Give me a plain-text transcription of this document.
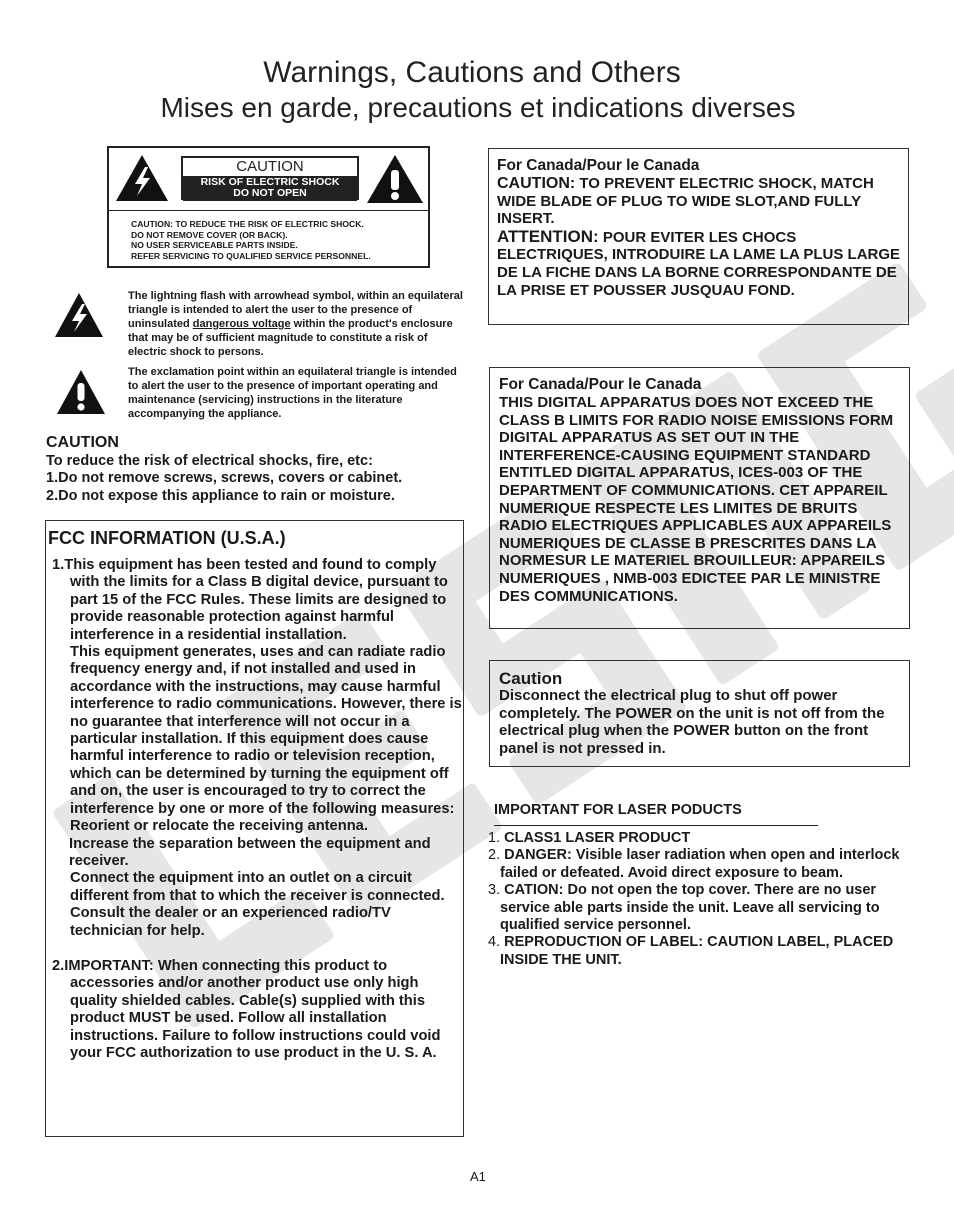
Warnings, Cautions and Others
Mises en garde, precautions et indications diverses
CAUTION
RISK OF ELECTRIC SHOCK
DO NOT OPEN
CAUTION: TO REDUCE THE RISK OF ELECTRIC SHOCK.
DO NOT REMOVE COVER (OR BACK).
NO USER SERVICEABLE PARTS INSIDE.
REFER SERVICING TO QUALIFIED SERVICE PERSONNEL.
The lightning flash with arrowhead symbol, within an equilateral triangle is intended to alert the user to the presence of uninsulated dangerous voltage within the product's enclosure that may be of sufficient magnitude to constitute a risk of electric shock to persons.
The exclamation point within an equilateral triangle is intended to alert the user to the presence of important operating and maintenance (servicing) instructions in the literature accompanying the appliance.
CAUTION
To reduce the risk of electrical shocks, fire, etc:
1.Do not remove screws, screws, covers or cabinet.
2.Do not expose this appliance to rain or moisture.
FCC INFORMATION (U.S.A.)

1.This equipment has been tested and found to comply with the limits for a Class B digital device, pursuant to part 15 of the FCC Rules. These limits are designed to provide reasonable protection against harmful interference in a residential installation.

This equipment generates, uses and can radiate radio frequency energy and, if not installed and used in accordance with the instructions, may cause harmful interference to radio communications. However, there is no guarantee that interference will not occur in a particular installation. If this equipment does cause harmful interference to radio or television reception, which can be determined by turning the equipment off and on, the user is encouraged to try to correct the interference by one or more of the following measures:

Reorient or relocate the receiving antenna.

Increase the separation between the equipment and receiver.

Connect the equipment into an outlet on a circuit different from that to which the receiver is connected. Consult the dealer or an experienced radio/TV technician for help.

2.IMPORTANT: When connecting this product to accessories and/or another product use only high quality shielded cables. Cable(s) supplied with this product MUST be used. Follow all installation instructions. Failure to follow instructions could void your FCC authorization to use product in the U. S. A.

For Canada/Pour le Canada
CAUTION: TO PREVENT ELECTRIC SHOCK, MATCH WIDE BLADE OF PLUG TO WIDE SLOT,AND FULLY INSERT.
ATTENTION: POUR EVITER LES CHOCS ELECTRIQUES, INTRODUIRE LA LAME LA PLUS LARGE DE LA FICHE DANS LA BORNE CORRESPONDANTE DE LA PRISE ET POUSSER JUSQUAU FOND.
For Canada/Pour le Canada
THIS DIGITAL APPARATUS DOES NOT EXCEED THE CLASS B LIMITS FOR RADIO NOISE EMISSIONS FORM DIGITAL APPARATUS AS SET OUT IN THE INTERFERENCE-CAUSING EQUIPMENT STANDARD ENTITLED DIGITAL APPARATUS, ICES-003 OF THE DEPARTMENT OF COMMUNICATIONS. CET APPAREIL NUMERIQUE RESPECTE LES LIMITES DE BRUITS RADIO ELECTRIQUES APPLICABLES AUX APPAREILS NUMERIQUES DE CLASSE B PRESCRITES DANS LA NORMESUR LE MATERIEL BROUILLEUR: APPAREILS NUMERIQUES , NMB-003 EDICTEE PAR LE MINISTRE DES COMMUNICATIONS.
Caution
Disconnect the electrical plug to shut off power completely. The POWER on the unit is not off from the electrical plug when the POWER button on the front panel is not pressed in.
IMPORTANT FOR LASER PODUCTS

1. CLASS1 LASER PRODUCT

2. DANGER: Visible laser radiation when open and interlock failed or defeated. Avoid direct exposure to beam.

3. CATION: Do not open the top cover. There are no user service able parts inside the unit. Leave all servicing to qualified service personnel.

4. REPRODUCTION OF LABEL: CAUTION LABEL, PLACED INSIDE THE UNIT.

A1
